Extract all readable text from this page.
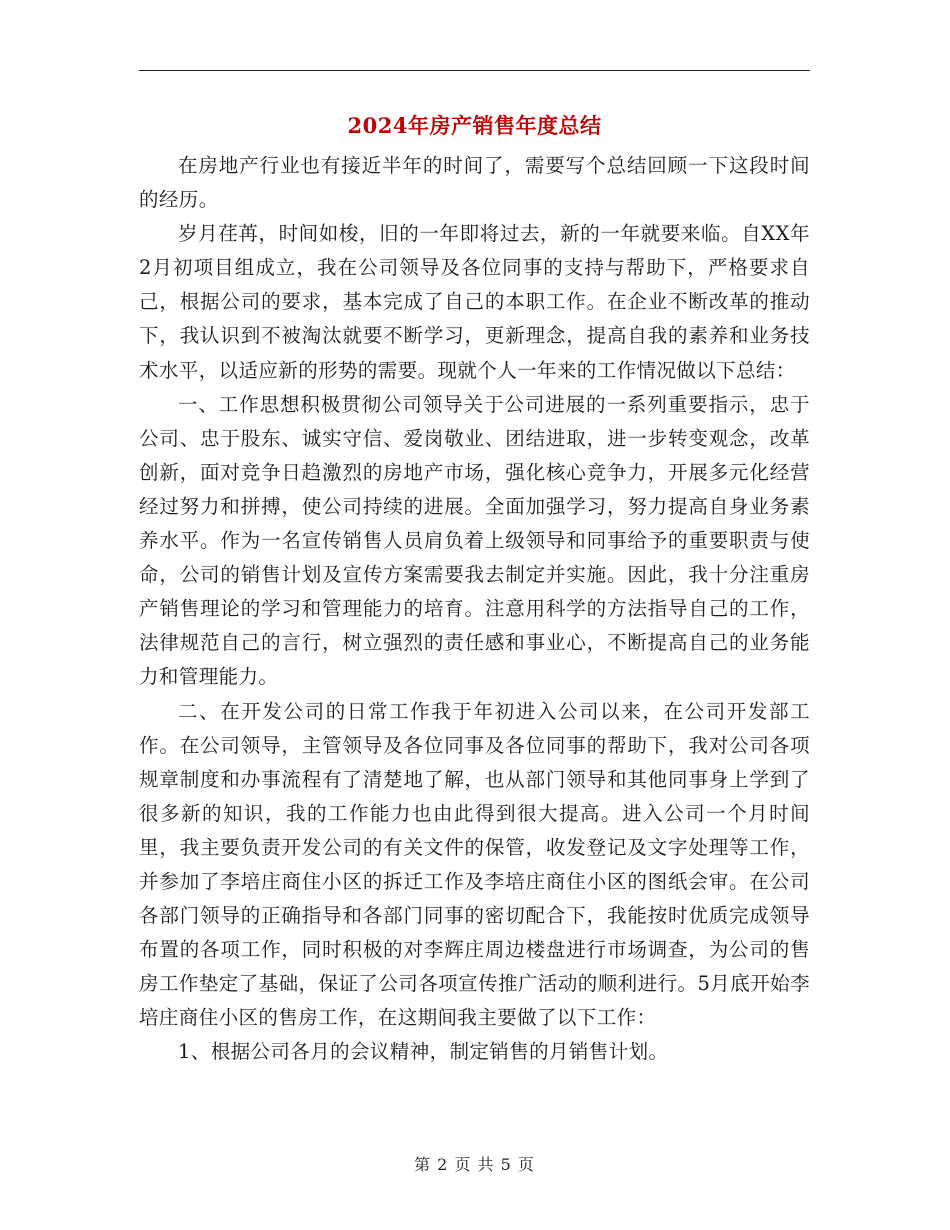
2024年房产销售年度总结

在房地产行业也有接近半年的时间了，需要写个总结回顾一下这段时间的经历。

岁月荏苒，时间如梭，旧的一年即将过去，新的一年就要来临。自XX年2月初项目组成立，我在公司领导及各位同事的支持与帮助下，严格要求自己，根据公司的要求，基本完成了自己的本职工作。在企业不断改革的推动下，我认识到不被淘汰就要不断学习，更新理念，提高自我的素养和业务技术水平，以适应新的形势的需要。现就个人一年来的工作情况做以下总结：

一、工作思想积极贯彻公司领导关于公司进展的一系列重要指示，忠于公司、忠于股东、诚实守信、爱岗敬业、团结进取，进一步转变观念，改革创新，面对竞争日趋激烈的房地产市场，强化核心竞争力，开展多元化经营经过努力和拼搏，使公司持续的进展。全面加强学习，努力提高自身业务素养水平。作为一名宣传销售人员肩负着上级领导和同事给予的重要职责与使命，公司的销售计划及宣传方案需要我去制定并实施。因此，我十分注重房产销售理论的学习和管理能力的培育。注意用科学的方法指导自己的工作，法律规范自己的言行，树立强烈的责任感和事业心，不断提高自己的业务能力和管理能力。

二、在开发公司的日常工作我于年初进入公司以来，在公司开发部工作。在公司领导，主管领导及各位同事及各位同事的帮助下，我对公司各项规章制度和办事流程有了清楚地了解，也从部门领导和其他同事身上学到了很多新的知识，我的工作能力也由此得到很大提高。进入公司一个月时间里，我主要负责开发公司的有关文件的保管，收发登记及文字处理等工作，并参加了李培庄商住小区的拆迁工作及李培庄商住小区的图纸会审。在公司各部门领导的正确指导和各部门同事的密切配合下，我能按时优质完成领导布置的各项工作，同时积极的对李辉庄周边楼盘进行市场调查，为公司的售房工作垫定了基础，保证了公司各项宣传推广活动的顺利进行。5月底开始李培庄商住小区的售房工作，在这期间我主要做了以下工作：

1、根据公司各月的会议精神，制定销售的月销售计划。

第 2 页 共 5 页
